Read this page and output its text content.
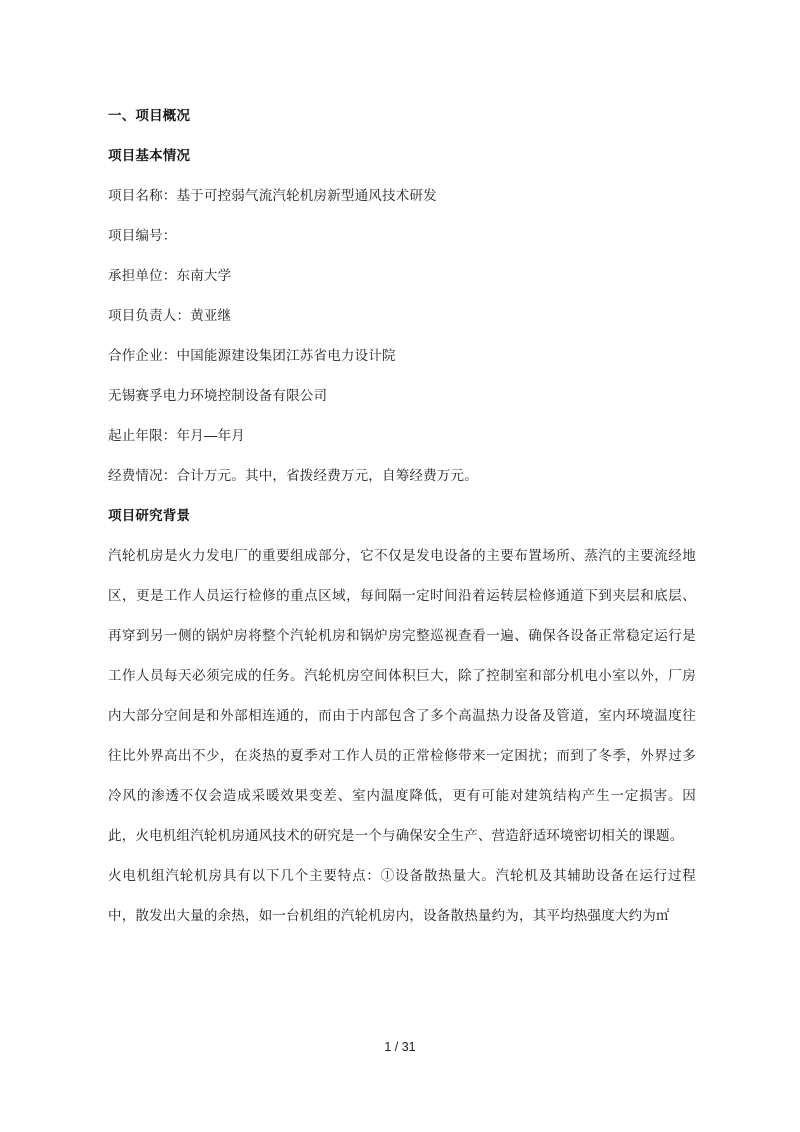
一、项目概况
项目基本情况
项目名称：基于可控弱气流汽轮机房新型通风技术研发
项目编号：
承担单位：东南大学
项目负责人：黄亚继
合作企业：中国能源建设集团江苏省电力设计院
无锡赛孚电力环境控制设备有限公司
起止年限：年月—年月
经费情况：合计万元。其中，省拨经费万元，自筹经费万元。
项目研究背景

汽轮机房是火力发电厂的重要组成部分，它不仅是发电设备的主要布置场所、蒸汽的主要流经地区，更是工作人员运行检修的重点区域，每间隔一定时间沿着运转层检修通道下到夹层和底层、再穿到另一侧的锅炉房将整个汽轮机房和锅炉房完整巡视查看一遍、确保各设备正常稳定运行是工作人员每天必须完成的任务。汽轮机房空间体积巨大，除了控制室和部分机电小室以外，厂房内大部分空间是和外部相连通的，而由于内部包含了多个高温热力设备及管道，室内环境温度往往比外界高出不少，在炎热的夏季对工作人员的正常检修带来一定困扰；而到了冬季，外界过多冷风的渗透不仅会造成采暖效果变差、室内温度降低，更有可能对建筑结构产生一定损害。因此，火电机组汽轮机房通风技术的研究是一个与确保安全生产、营造舒适环境密切相关的课题。

火电机组汽轮机房具有以下几个主要特点：①设备散热量大。汽轮机及其辅助设备在运行过程中，散发出大量的余热，如一台机组的汽轮机房内，设备散热量约为，其平均热强度大约为㎡

1 / 31
